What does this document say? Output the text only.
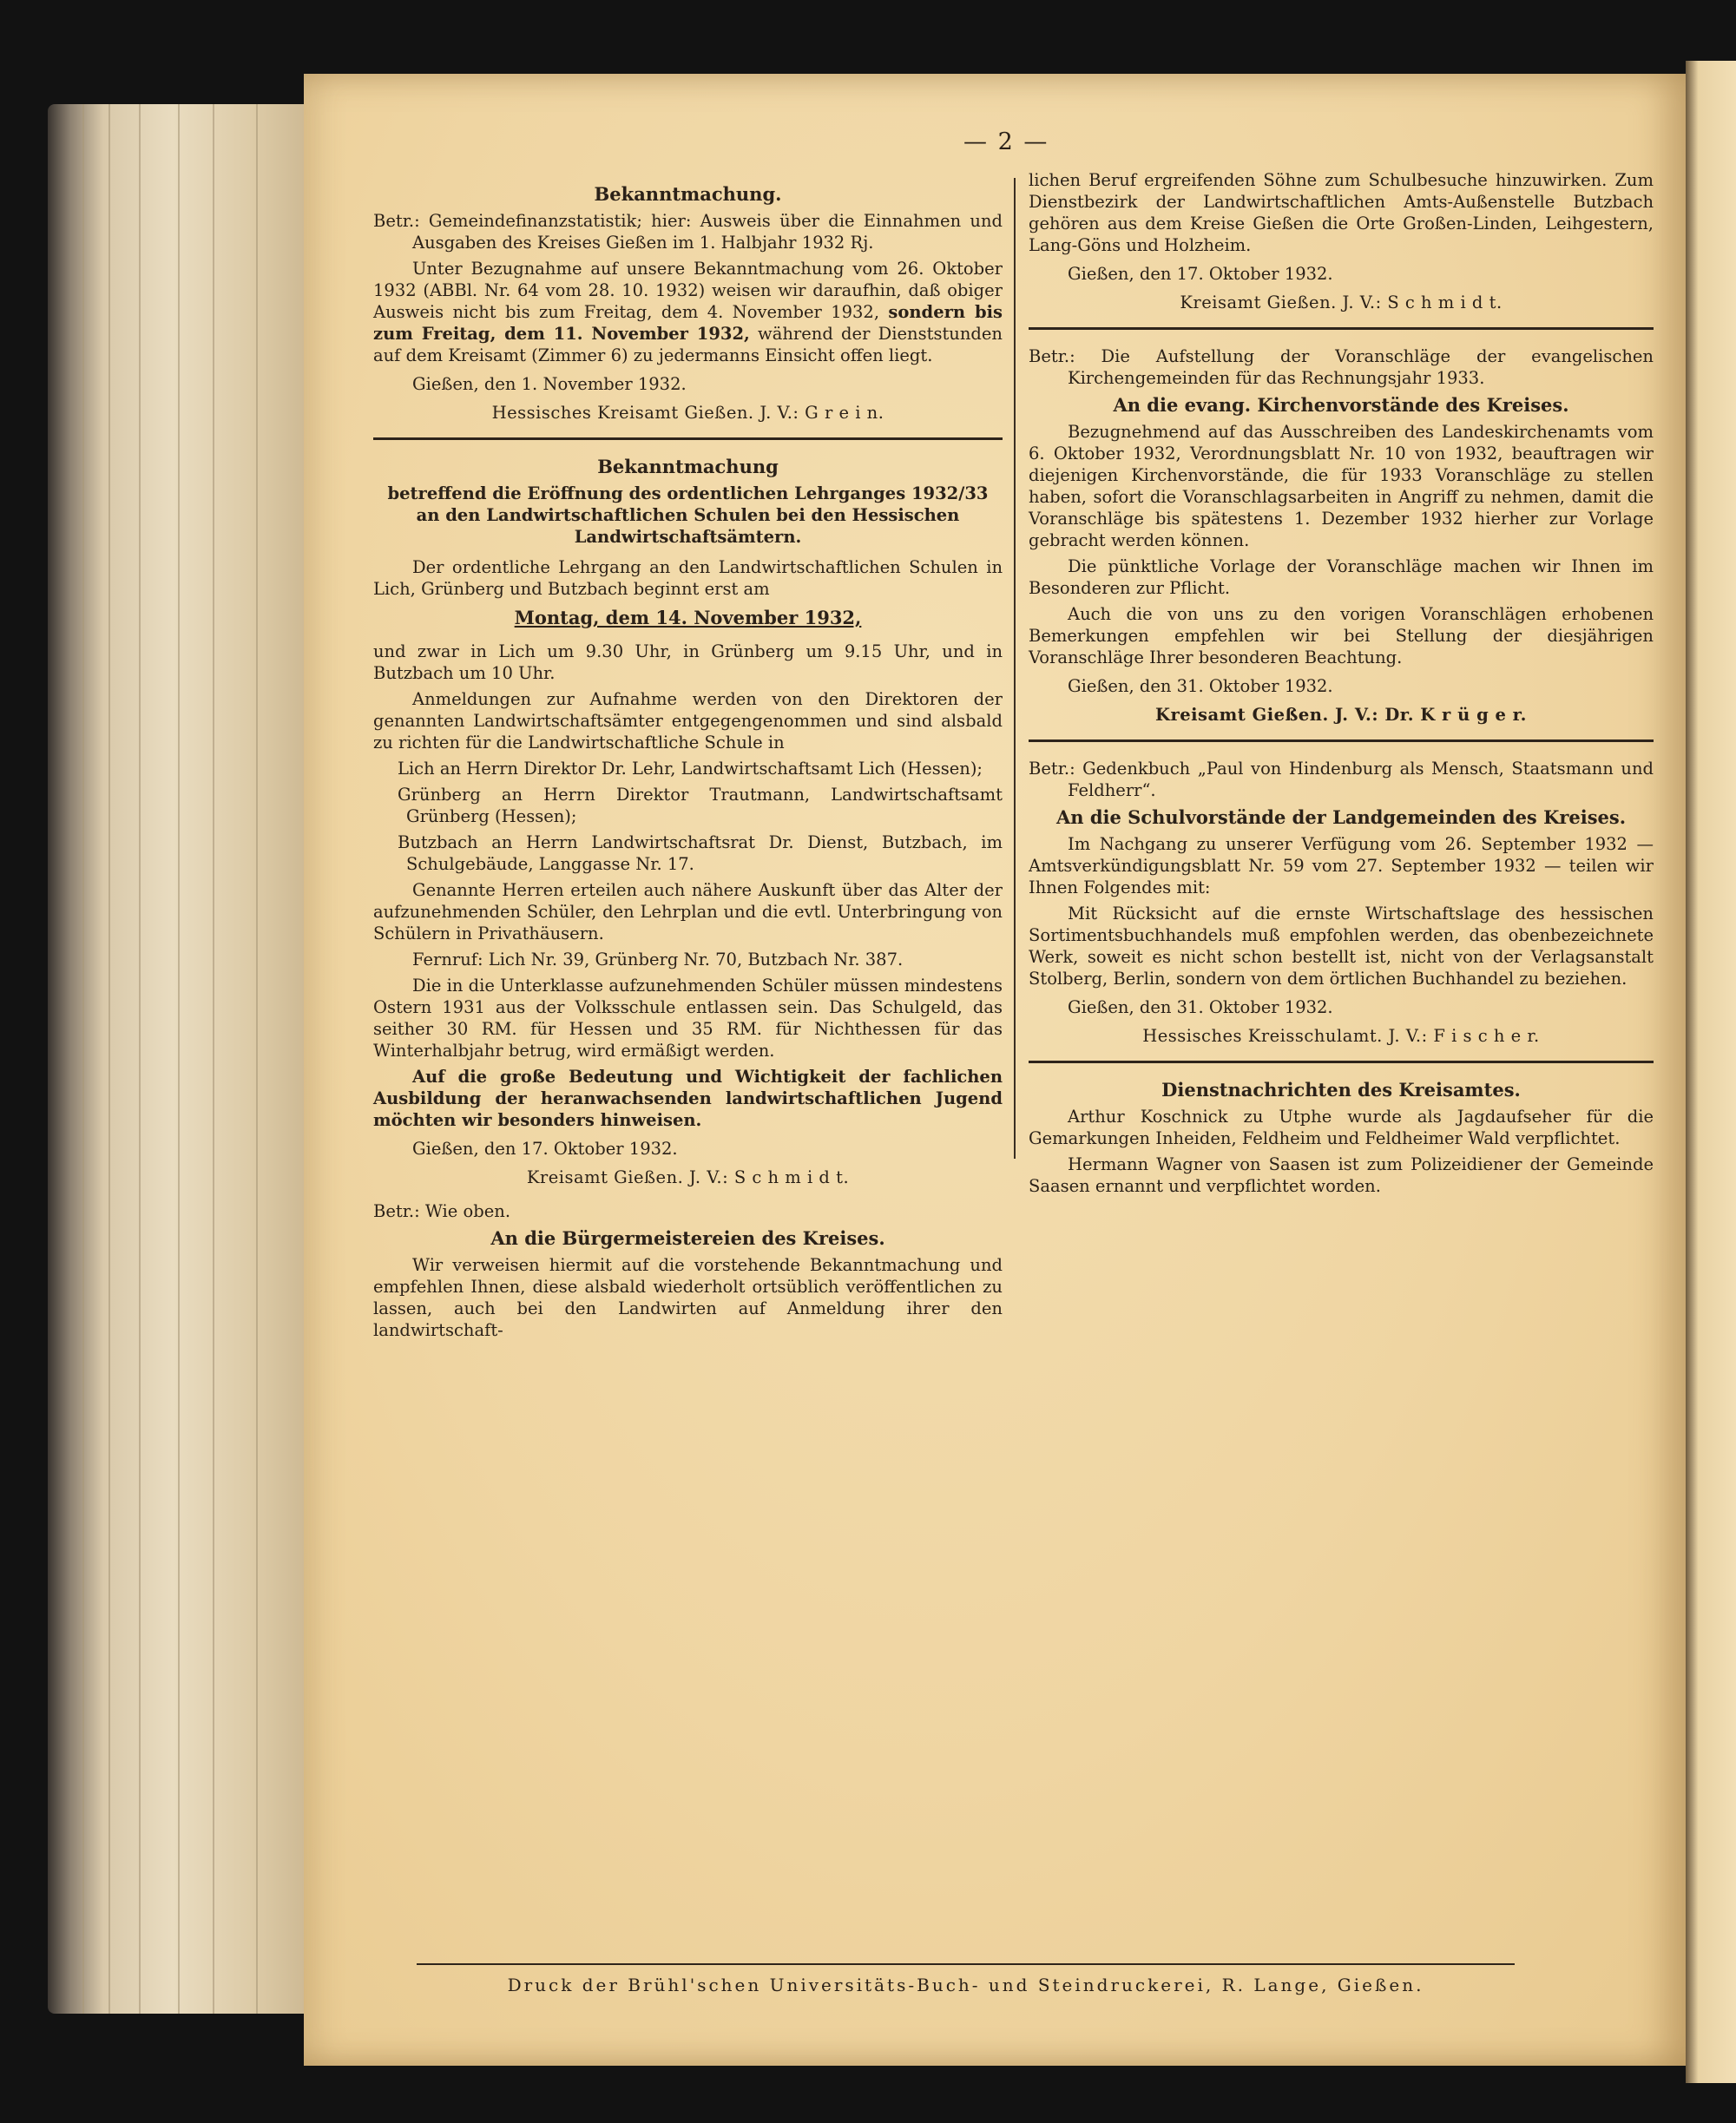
— 2 —
Bekanntmachung.

Betr.: Gemeindefinanzstatistik; hier: Ausweis über die Einnahmen und Ausgaben des Kreises Gießen im 1. Halbjahr 1932 Rj.

Unter Bezugnahme auf unsere Bekanntmachung vom 26. Oktober 1932 (ABBl. Nr. 64 vom 28. 10. 1932) weisen wir daraufhin, daß obiger Ausweis nicht bis zum Freitag, dem 4. November 1932, sondern bis zum Freitag, dem 11. November 1932, während der Dienststunden auf dem Kreisamt (Zimmer 6) zu jedermanns Einsicht offen liegt.

Gießen, den 1. November 1932.

Hessisches Kreisamt Gießen. J. V.: G r e i n.
Bekanntmachung
betreffend die Eröffnung des ordentlichen Lehrganges 1932/33 an den Landwirtschaftlichen Schulen bei den Hessischen Landwirtschaftsämtern.

Der ordentliche Lehrgang an den Landwirtschaftlichen Schulen in Lich, Grünberg und Butzbach beginnt erst am

Montag, dem 14. November 1932,

und zwar in Lich um 9.30 Uhr, in Grünberg um 9.15 Uhr, und in Butzbach um 10 Uhr.

Anmeldungen zur Aufnahme werden von den Direktoren der genannten Landwirtschaftsämter entgegengenommen und sind alsbald zu richten für die Landwirtschaftliche Schule in

Lich an Herrn Direktor Dr. Lehr, Landwirtschaftsamt Lich (Hessen);

Grünberg an Herrn Direktor Trautmann, Landwirtschaftsamt Grünberg (Hessen);

Butzbach an Herrn Landwirtschaftsrat Dr. Dienst, Butzbach, im Schulgebäude, Langgasse Nr. 17.

Genannte Herren erteilen auch nähere Auskunft über das Alter der aufzunehmenden Schüler, den Lehrplan und die evtl. Unterbringung von Schülern in Privathäusern.

Fernruf: Lich Nr. 39, Grünberg Nr. 70, Butzbach Nr. 387.

Die in die Unterklasse aufzunehmenden Schüler müssen mindestens Ostern 1931 aus der Volksschule entlassen sein. Das Schulgeld, das seither 30 RM. für Hessen und 35 RM. für Nichthessen für das Winterhalbjahr betrug, wird ermäßigt werden.

Auf die große Bedeutung und Wichtigkeit der fachlichen Ausbildung der heranwachsenden landwirtschaftlichen Jugend möchten wir besonders hinweisen.

Gießen, den 17. Oktober 1932.

Kreisamt Gießen. J. V.: S c h m i d t.

Betr.: Wie oben.

An die Bürgermeistereien des Kreises.

Wir verweisen hiermit auf die vorstehende Bekanntmachung und empfehlen Ihnen, diese alsbald wiederholt ortsüblich veröffentlichen zu lassen, auch bei den Landwirten auf Anmeldung ihrer den landwirtschaft-

lichen Beruf ergreifenden Söhne zum Schulbesuche hinzuwirken. Zum Dienstbezirk der Landwirtschaftlichen Amts-Außenstelle Butzbach gehören aus dem Kreise Gießen die Orte Großen-Linden, Leihgestern, Lang-Göns und Holzheim.

Gießen, den 17. Oktober 1932.

Kreisamt Gießen. J. V.: S c h m i d t.

Betr.: Die Aufstellung der Voranschläge der evangelischen Kirchengemeinden für das Rechnungsjahr 1933.

An die evang. Kirchenvorstände des Kreises.

Bezugnehmend auf das Ausschreiben des Landeskirchenamts vom 6. Oktober 1932, Verordnungsblatt Nr. 10 von 1932, beauftragen wir diejenigen Kirchenvorstände, die für 1933 Voranschläge zu stellen haben, sofort die Voranschlagsarbeiten in Angriff zu nehmen, damit die Voranschläge bis spätestens 1. Dezember 1932 hierher zur Vorlage gebracht werden können.

Die pünktliche Vorlage der Voranschläge machen wir Ihnen im Besonderen zur Pflicht.

Auch die von uns zu den vorigen Voranschlägen erhobenen Bemerkungen empfehlen wir bei Stellung der diesjährigen Voranschläge Ihrer besonderen Beachtung.

Gießen, den 31. Oktober 1932.

Kreisamt Gießen. J. V.: Dr. K r ü g e r.

Betr.: Gedenkbuch „Paul von Hindenburg als Mensch, Staatsmann und Feldherr“.

An die Schulvorstände der Landgemeinden des Kreises.

Im Nachgang zu unserer Verfügung vom 26. September 1932 — Amtsverkündigungsblatt Nr. 59 vom 27. September 1932 — teilen wir Ihnen Folgendes mit:

Mit Rücksicht auf die ernste Wirtschaftslage des hessischen Sortimentsbuchhandels muß empfohlen werden, das obenbezeichnete Werk, soweit es nicht schon bestellt ist, nicht von der Verlagsanstalt Stolberg, Berlin, sondern von dem örtlichen Buchhandel zu beziehen.

Gießen, den 31. Oktober 1932.

Hessisches Kreisschulamt. J. V.: F i s c h e r.
Dienstnachrichten des Kreisamtes.

Arthur Koschnick zu Utphe wurde als Jagdaufseher für die Gemarkungen Inheiden, Feldheim und Feldheimer Wald verpflichtet.

Hermann Wagner von Saasen ist zum Polizeidiener der Gemeinde Saasen ernannt und verpflichtet worden.

Druck der Brühl'schen Universitäts-Buch- und Steindruckerei, R. Lange, Gießen.
